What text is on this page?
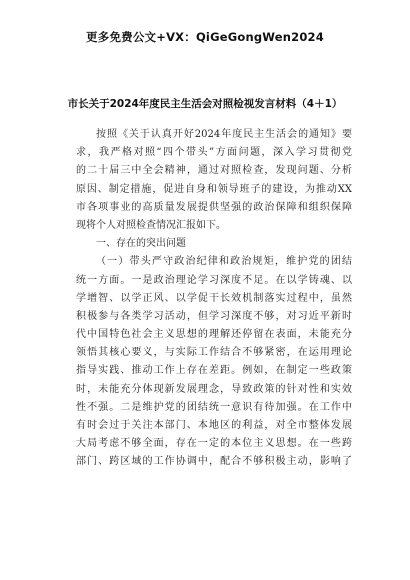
更多免费公文+VX：QiGeGongWen2024
市长关于2024年度民主生活会对照检视发言材料（4＋1）
按照《关于认真开好2024年度民主生活会的通知》要
求，我严格对照“四个带头”方面问题，深入学习贯彻党
的二十届三中全会精神，通过对照检查，发现问题、分析
原因、制定措施，促进自身和领导班子的建设，为推动XX
市各项事业的高质量发展提供坚强的政治保障和组织保障
现将个人对照检查情况汇报如下。
一、存在的突出问题
（一）带头严守政治纪律和政治规矩，维护党的团结
统一方面。一是政治理论学习深度不足。在以学铸魂、以
学增智、以学正风、以学促干长效机制落实过程中，虽然
积极参与各类学习活动，但学习深度不够，对习近平新时
代中国特色社会主义思想的理解还停留在表面，未能充分
领悟其核心要义，与实际工作结合不够紧密，在运用理论
指导实践、推动工作上存在差距。例如，在制定一些政策
时，未能充分体现新发展理念，导致政策的针对性和实效
性不强。二是维护党的团结统一意识有待加强。在工作中
有时会过于关注本部门、本地区的利益，对全市整体发展
大局考虑不够全面，存在一定的本位主义思想。在一些跨
部门、跨区域的工作协调中，配合不够积极主动，影响了
